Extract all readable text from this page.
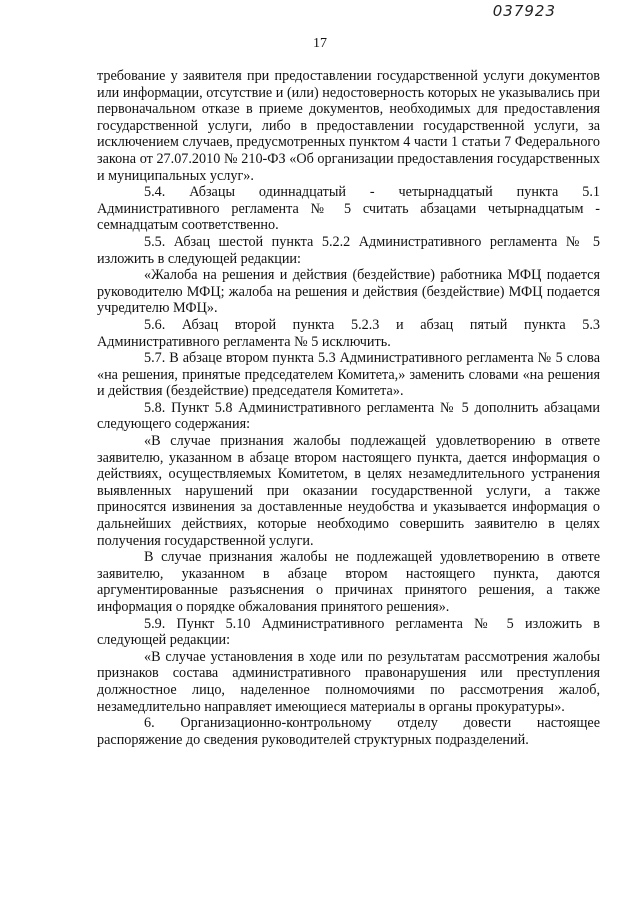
037923
17

требование у заявителя при предоставлении государственной услуги документов или информации, отсутствие и (или) недостоверность которых не указывались при первоначальном отказе в приеме документов, необходимых для предоставления государственной услуги, либо в предоставлении государственной услуги, за исключением случаев, предусмотренных пунктом 4 части 1 статьи 7 Федерального закона от 27.07.2010 № 210-ФЗ «Об организации предоставления государственных и муниципальных услуг».

5.4. Абзацы одиннадцатый - четырнадцатый пункта 5.1 Административного регламента № 5 считать абзацами четырнадцатым - семнадцатым соответственно.

5.5. Абзац шестой пункта 5.2.2 Административного регламента № 5 изложить в следующей редакции:

«Жалоба на решения и действия (бездействие) работника МФЦ подается руководителю МФЦ; жалоба на решения и действия (бездействие) МФЦ подается учредителю МФЦ».

5.6. Абзац второй пункта 5.2.3 и абзац пятый пункта 5.3 Административного регламента № 5 исключить.

5.7. В абзаце втором пункта 5.3 Административного регламента № 5 слова «на решения, принятые председателем Комитета,» заменить словами «на решения и действия (бездействие) председателя Комитета».

5.8. Пункт 5.8 Административного регламента № 5 дополнить абзацами следующего содержания:

«В случае признания жалобы подлежащей удовлетворению в ответе заявителю, указанном в абзаце втором настоящего пункта, дается информация о действиях, осуществляемых Комитетом, в целях незамедлительного устранения выявленных нарушений при оказании государственной услуги, а также приносятся извинения за доставленные неудобства и указывается информация о дальнейших действиях, которые необходимо совершить заявителю в целях получения государственной услуги.

В случае признания жалобы не подлежащей удовлетворению в ответе заявителю, указанном в абзаце втором настоящего пункта, даются аргументированные разъяснения о причинах принятого решения, а также информация о порядке обжалования принятого решения».

5.9. Пункт 5.10 Административного регламента № 5 изложить в следующей редакции:

«В случае установления в ходе или по результатам рассмотрения жалобы признаков состава административного правонарушения или преступления должностное лицо, наделенное полномочиями по рассмотрения жалоб, незамедлительно направляет имеющиеся материалы в органы прокуратуры».

6. Организационно-контрольному отделу довести настоящее распоряжение до сведения руководителей структурных подразделений.
